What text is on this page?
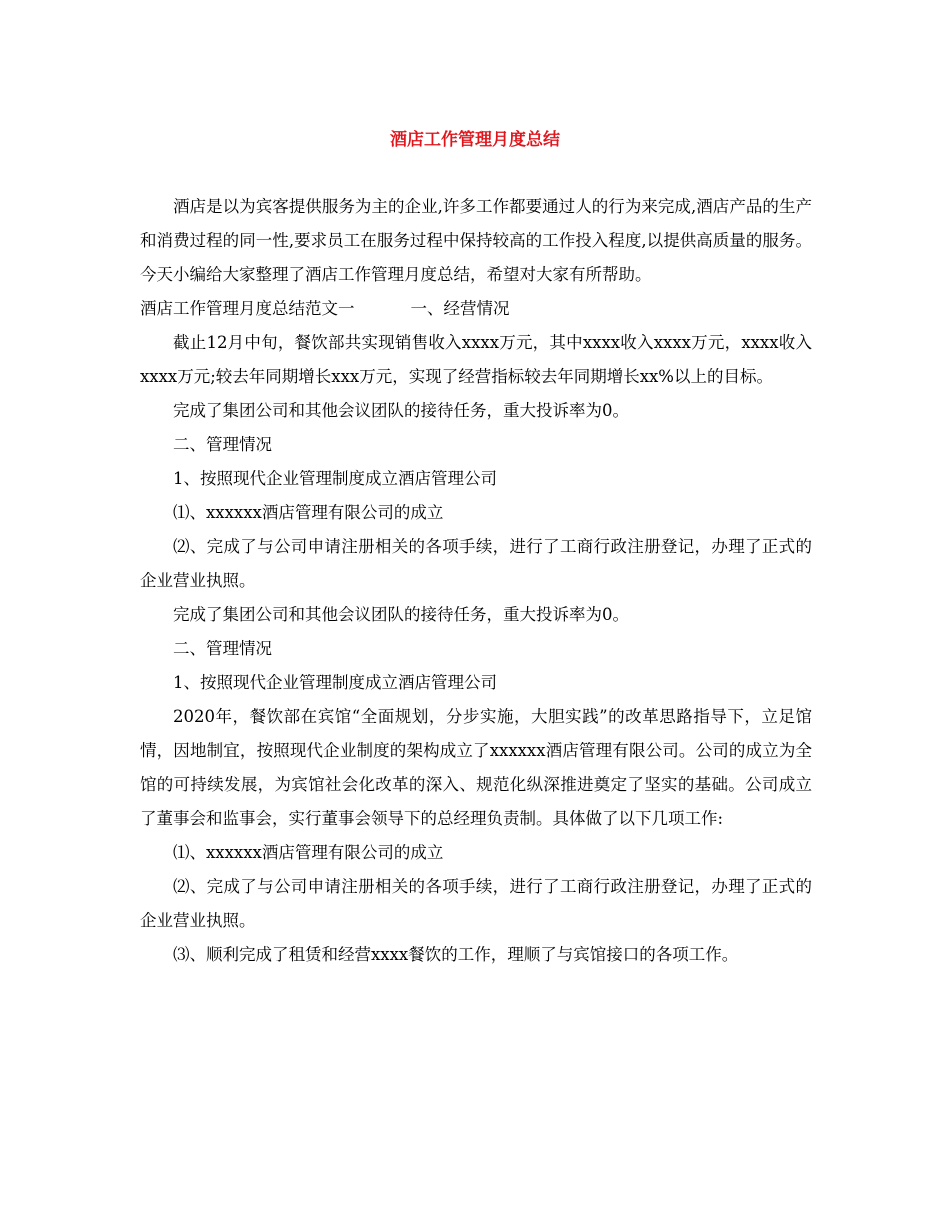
酒店工作管理月度总结

酒店是以为宾客提供服务为主的企业,许多工作都要通过人的行为来完成,酒店产品的生产和消费过程的同一性,要求员工在服务过程中保持较高的工作投入程度,以提供高质量的服务。今天小编给大家整理了酒店工作管理月度总结，希望对大家有所帮助。

酒店工作管理月度总结范文一	一、经营情况

截止12月中旬，餐饮部共实现销售收入xxxx万元，其中xxxx收入xxxx万元，xxxx收入xxxx万元;较去年同期增长xxx万元，实现了经营指标较去年同期增长xx%以上的目标。

完成了集团公司和其他会议团队的接待任务，重大投诉率为0。

二、管理情况

1、按照现代企业管理制度成立酒店管理公司

⑴、xxxxxx酒店管理有限公司的成立

⑵、完成了与公司申请注册相关的各项手续，进行了工商行政注册登记，办理了正式的企业营业执照。

完成了集团公司和其他会议团队的接待任务，重大投诉率为0。

二、管理情况

1、按照现代企业管理制度成立酒店管理公司

2020年，餐饮部在宾馆“全面规划，分步实施，大胆实践”的改革思路指导下，立足馆情，因地制宜，按照现代企业制度的架构成立了xxxxxx酒店管理有限公司。公司的成立为全馆的可持续发展，为宾馆社会化改革的深入、规范化纵深推进奠定了坚实的基础。公司成立了董事会和监事会，实行董事会领导下的总经理负责制。具体做了以下几项工作:

⑴、xxxxxx酒店管理有限公司的成立

⑵、完成了与公司申请注册相关的各项手续，进行了工商行政注册登记，办理了正式的企业营业执照。

⑶、顺利完成了租赁和经营xxxx餐饮的工作，理顺了与宾馆接口的各项工作。
